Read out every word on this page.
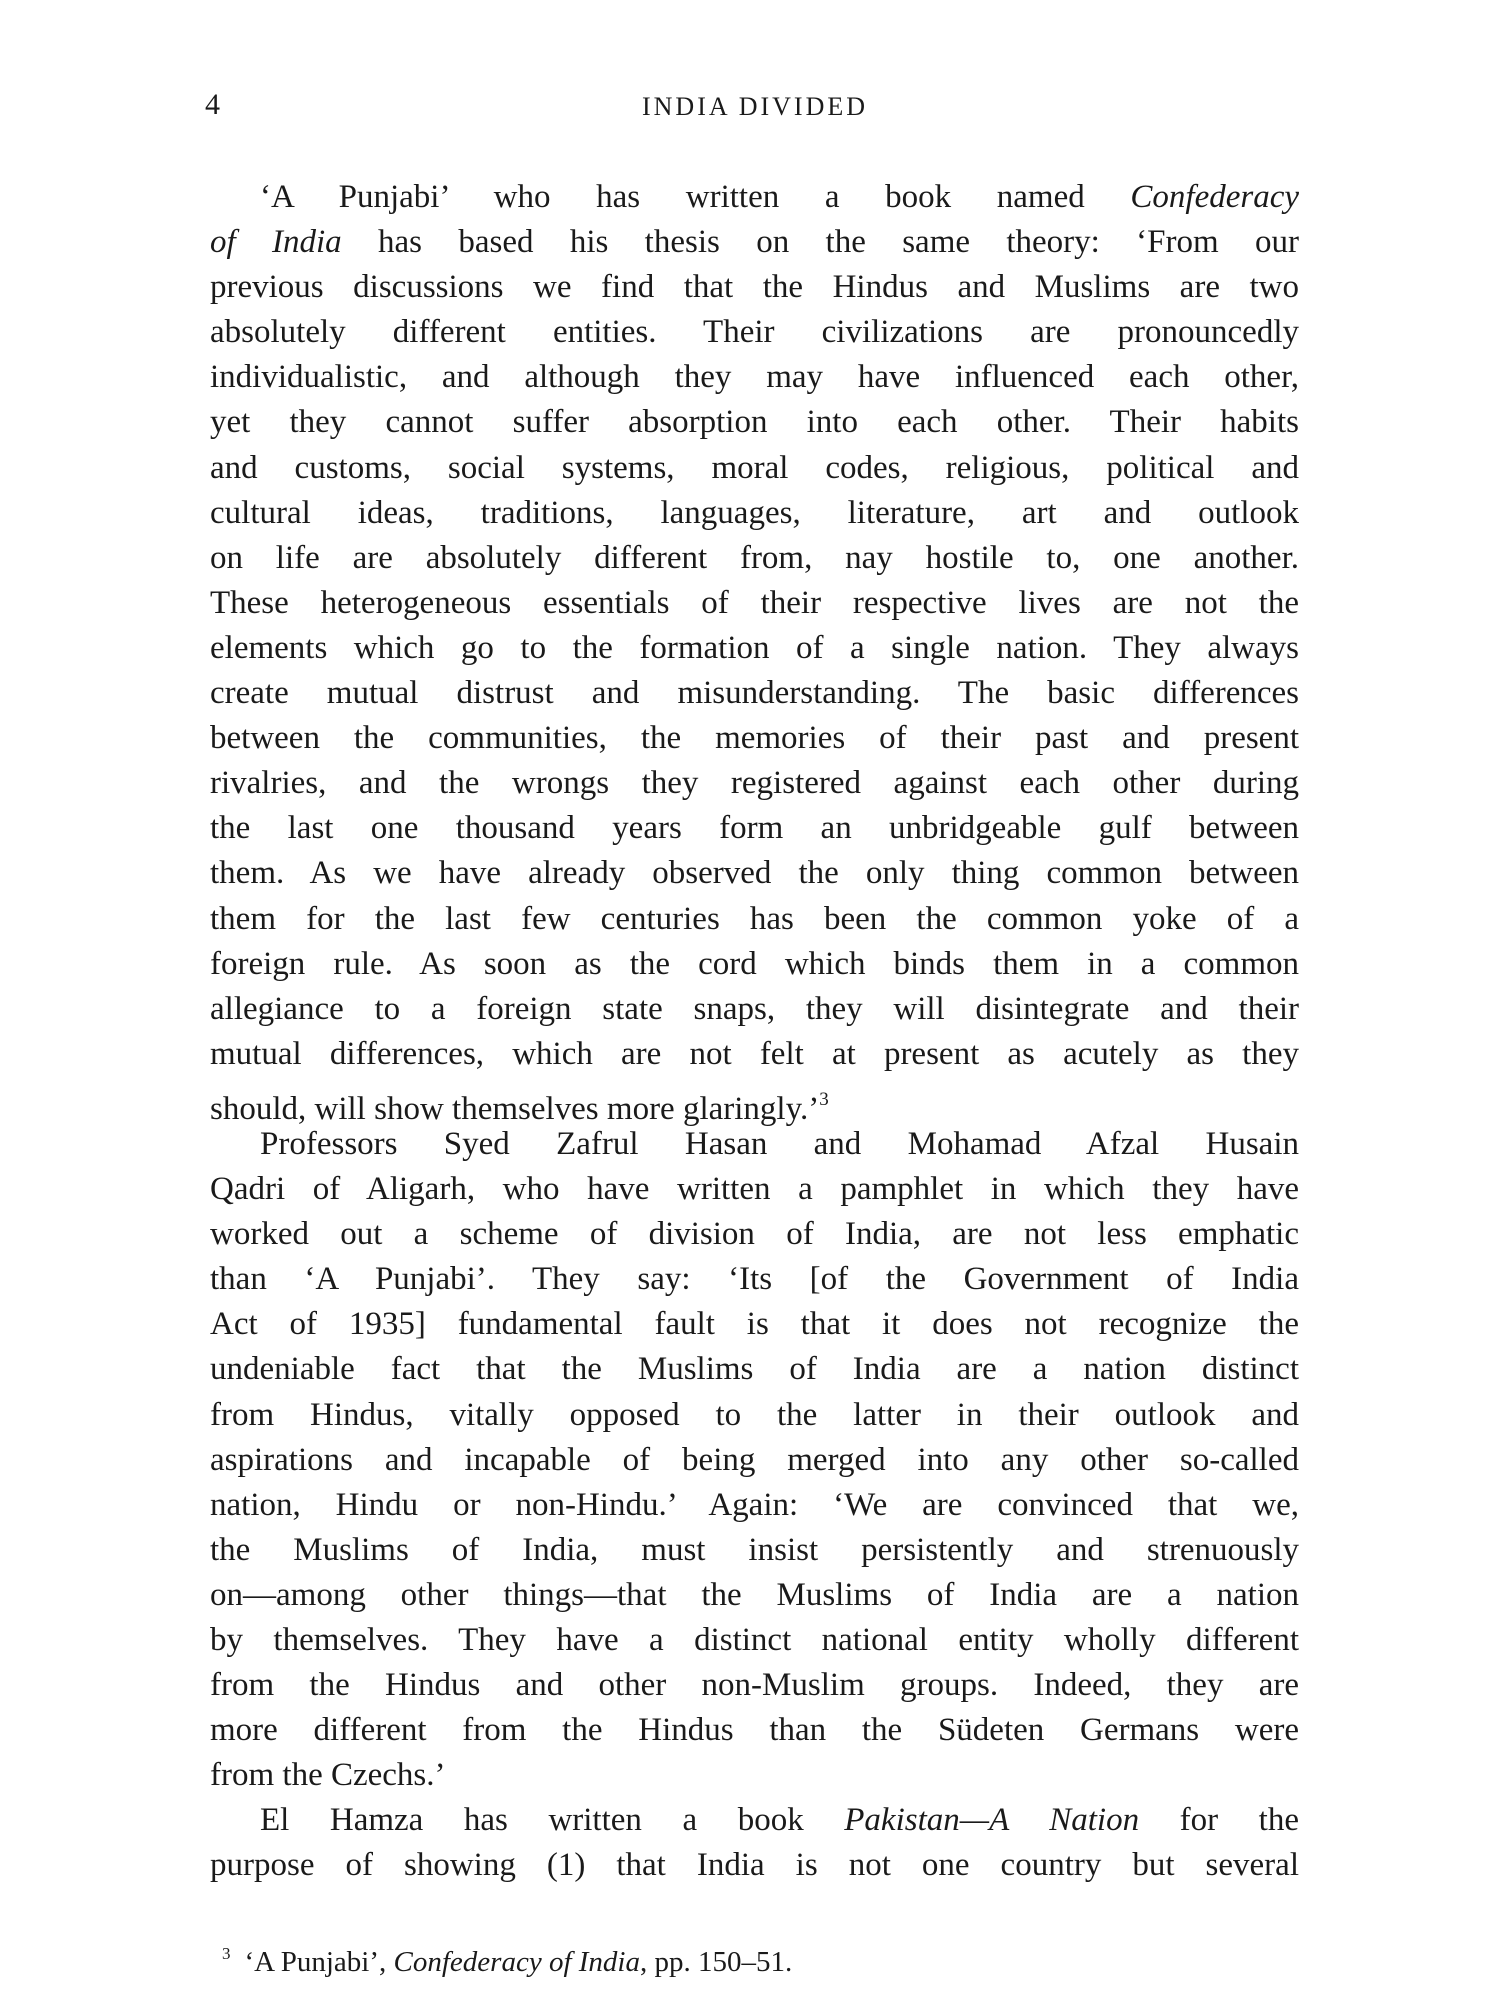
4	INDIA DIVIDED
‘A Punjabi’ who has written a book named Confederacy
of India has based his thesis on the same theory: ‘From our
previous discussions we find that the Hindus and Muslims are two
absolutely different entities. Their civilizations are pronouncedly
individualistic, and although they may have influenced each other,
yet they cannot suffer absorption into each other. Their habits
and customs, social systems, moral codes, religious, political and
cultural ideas, traditions, languages, literature, art and outlook
on life are absolutely different from, nay hostile to, one another.
These heterogeneous essentials of their respective lives are not the
elements which go to the formation of a single nation. They always
create mutual distrust and misunderstanding. The basic differences
between the communities, the memories of their past and present
rivalries, and the wrongs they registered against each other during
the last one thousand years form an unbridgeable gulf between
them. As we have already observed the only thing common between
them for the last few centuries has been the common yoke of a
foreign rule. As soon as the cord which binds them in a common
allegiance to a foreign state snaps, they will disintegrate and their
mutual differences, which are not felt at present as acutely as they
should, will show themselves more glaringly.’$^3$
Professors Syed Zafrul Hasan and Mohamad Afzal Husain
Qadri of Aligarh, who have written a pamphlet in which they have
worked out a scheme of division of India, are not less emphatic
than ‘A Punjabi’. They say: ‘Its [of the Government of India
Act of 1935] fundamental fault is that it does not recognize the
undeniable fact that the Muslims of India are a nation distinct
from Hindus, vitally opposed to the latter in their outlook and
aspirations and incapable of being merged into any other so-called
nation, Hindu or non-Hindu.’ Again: ‘We are convinced that we,
the Muslims of India, must insist persistently and strenuously
on—among other things—that the Muslims of India are a nation
by themselves. They have a distinct national entity wholly different
from the Hindus and other non-Muslim groups. Indeed, they are
more different from the Hindus than the Südeten Germans were
from the Czechs.’
El Hamza has written a book Pakistan—A Nation for the
purpose of showing (1) that India is not one country but several
$^3$ ‘A Punjabi’, Confederacy of India, pp. 150–51.
